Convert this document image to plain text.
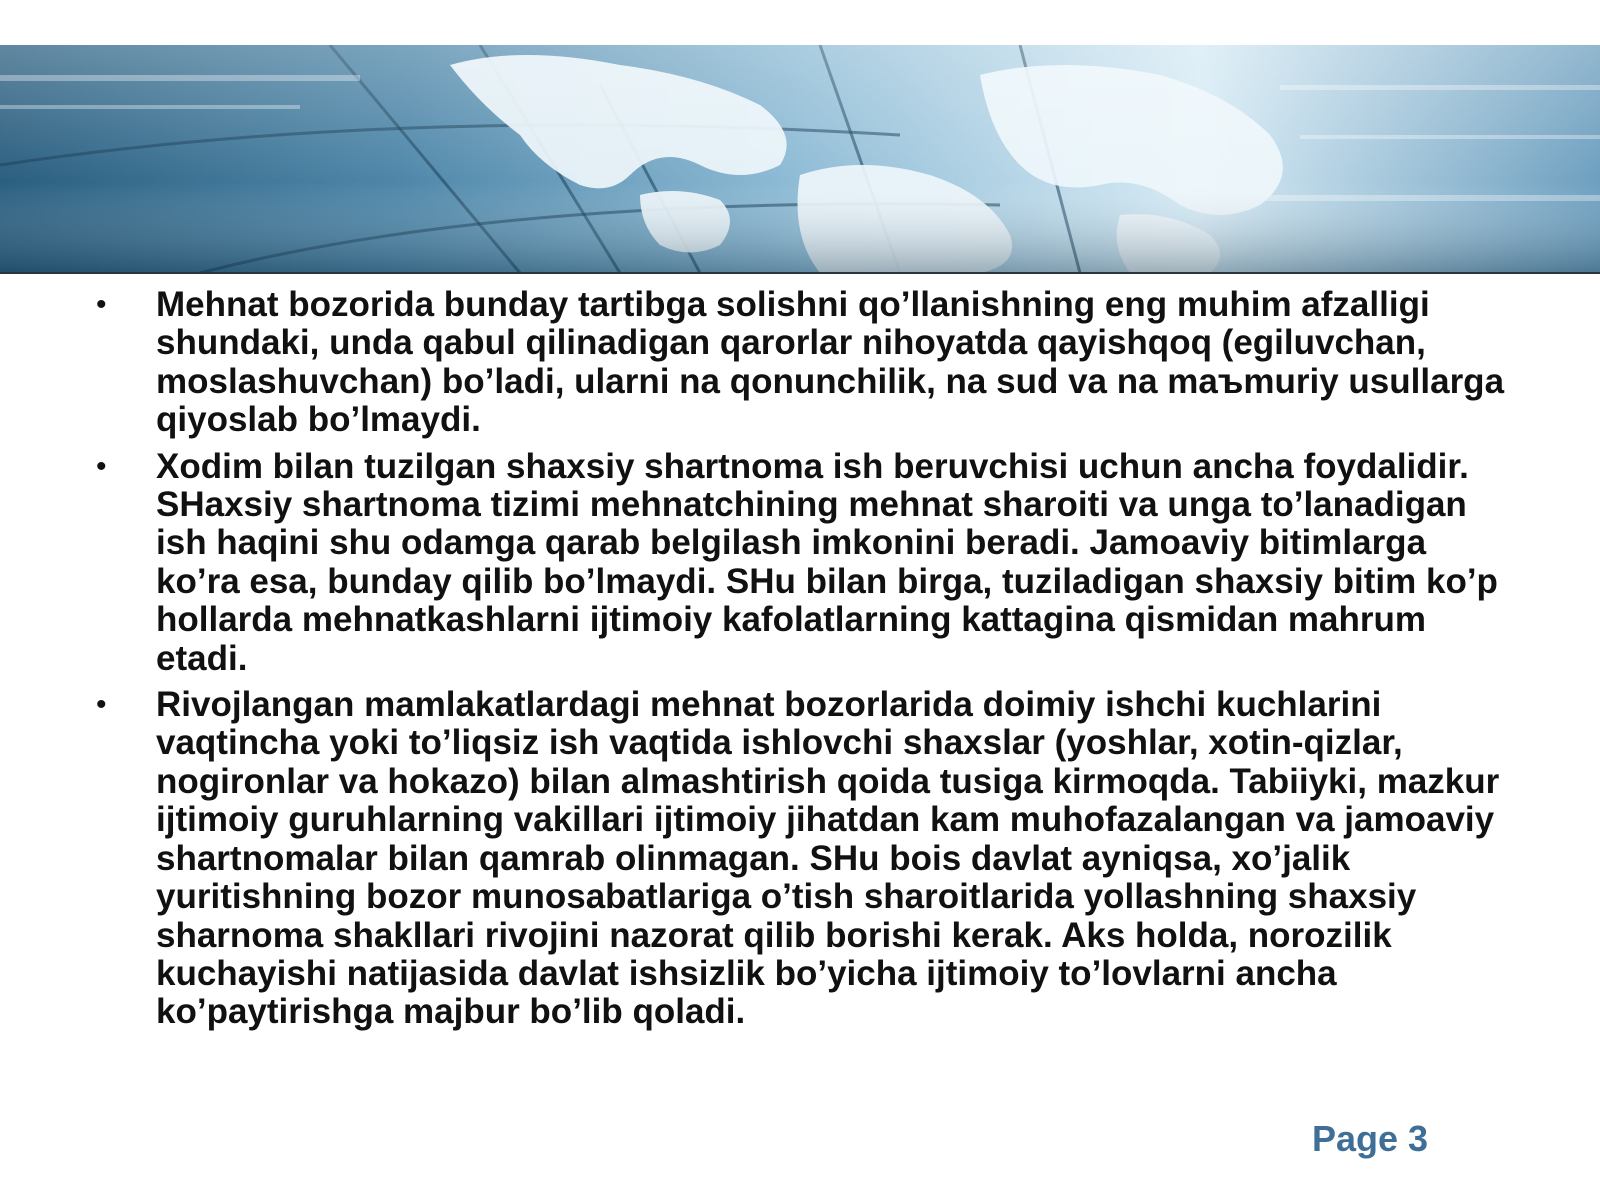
• Mehnat bozorida bunday tartibga solishni qo’llanishning eng muhim afzalligi shundaki, unda qabul qilinadigan qarorlar nihoyatda qayishqoq (egiluvchan, moslashuvchan) bo’ladi, ularni na qonunchilik, na sud va na maъmuriy usullarga qiyoslab bo’lmaydi.
• Xodim bilan tuzilgan shaxsiy shartnoma ish beruvchisi uchun ancha foydalidir. SHaxsiy shartnoma tizimi mehnatchining mehnat sharoiti va unga to’lanadigan ish haqini shu odamga qarab belgilash imkonini beradi. Jamoaviy bitimlarga ko’ra esa, bunday qilib bo’lmaydi. SHu bilan birga, tuziladigan shaxsiy bitim ko’p hollarda mehnatkashlarni ijtimoiy kafolatlarning kattagina qismidan mahrum etadi.
• Rivojlangan mamlakatlardagi mehnat bozorlarida doimiy ishchi kuchlarini vaqtincha yoki to’liqsiz ish vaqtida ishlovchi shaxslar (yoshlar, xotin-qizlar, nogironlar va hokazo) bilan almashtirish qoida tusiga kirmoqda. Tabiiyki, mazkur ijtimoiy guruhlarning vakillari ijtimoiy jihatdan kam muhofazalangan va jamoaviy shartnomalar bilan qamrab olinmagan. SHu bois davlat ayniqsa, xo’jalik yuritishning bozor munosabatlariga o’tish sharoitlarida yollashning shaxsiy sharnoma shakllari rivojini nazorat qilib borishi kerak. Aks holda, norozilik kuchayishi natijasida davlat ishsizlik bo’yicha ijtimoiy to’lovlarni ancha ko’paytirishga majbur bo’lib qoladi.
Page 3
